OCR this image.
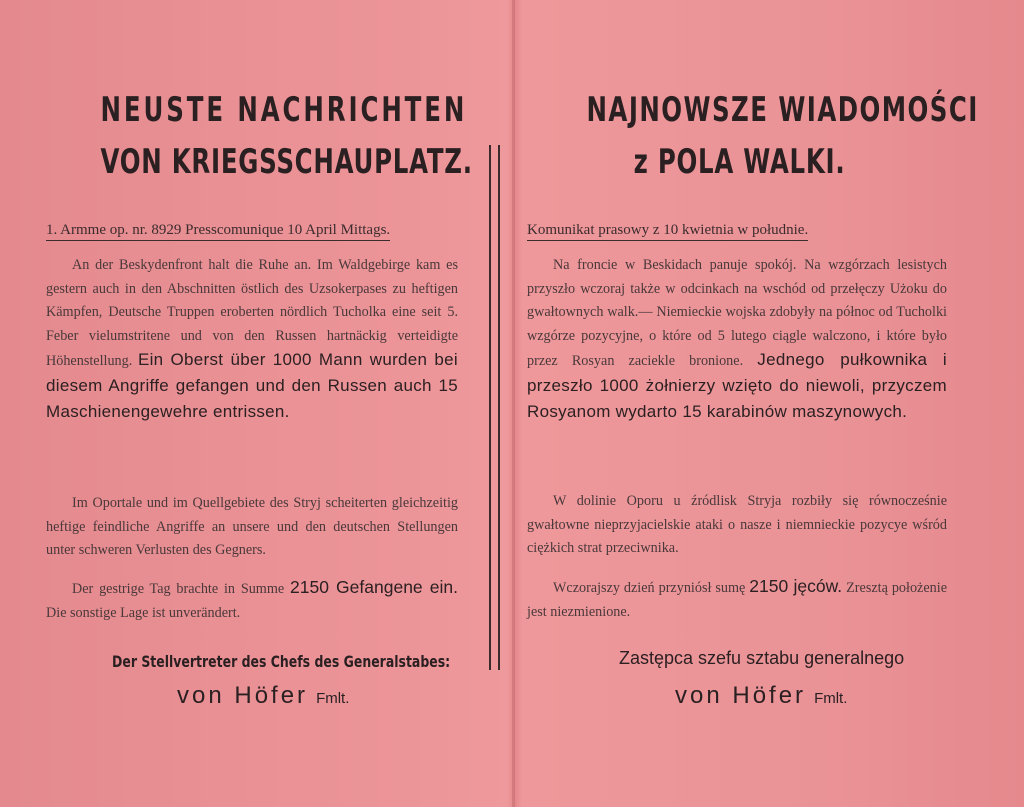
NEUSTE NACHRICHTEN
VON KRIEGSSCHAUPLATZ.
1. Armme op. nr. 8929 Presscomunique 10 April Mittags.

An der Beskydenfront halt die Ruhe an. Im Waldgebirge kam es gestern auch in den Abschnitten östlich des Uzsokerpases zu heftigen Kämpfen, Deutsche Truppen eroberten nördlich Tucholka eine seit 5. Feber vielumstritene und von den Russen hartnäckig verteidigte Höhenstellung. Ein Oberst über 1000 Mann wurden bei diesem Angriffe gefangen und den Russen auch 15 Maschienengewehre entrissen.

Im Oportale und im Quellgebiete des Stryj scheiterten gleichzeitig heftige feindliche Angriffe an unsere und den deutschen Stellungen unter schweren Verlusten des Gegners.

Der gestrige Tag brachte in Summe 2150 Gefangene ein. Die sonstige Lage ist unverändert.

Der Stellvertreter des Chefs des Generalstabes:
von Höfer Fmlt.
NAJNOWSZE WIADOMOŚCI
z POLA WALKI.
Komunikat prasowy z 10 kwietnia w południe.

Na froncie w Beskidach panuje spokój. Na wzgórzach lesistych przyszło wczoraj także w odcinkach na wschód od przełęczy Użoku do gwałtownych walk.— Niemieckie wojska zdobyły na północ od Tucholki wzgórze pozycyjne, o które od 5 lutego ciągle walczono, i które było przez Rosyan zaciekle bronione. Jednego pułkownika i przeszło 1000 żołnierzy wzięto do niewoli, przyczem Rosyanom wydarto 15 karabinów maszynowych.

W dolinie Oporu u źródlisk Stryja rozbiły się równocześnie gwałtowne nieprzyjacielskie ataki o nasze i niemnieckie pozycye wśród ciężkich strat przeciwnika.

Wczorajszy dzień przyniósł sumę 2150 jęców. Zresztą położenie jest niezmienione.

Zastępca szefu sztabu generalnego
von Höfer Fmlt.
